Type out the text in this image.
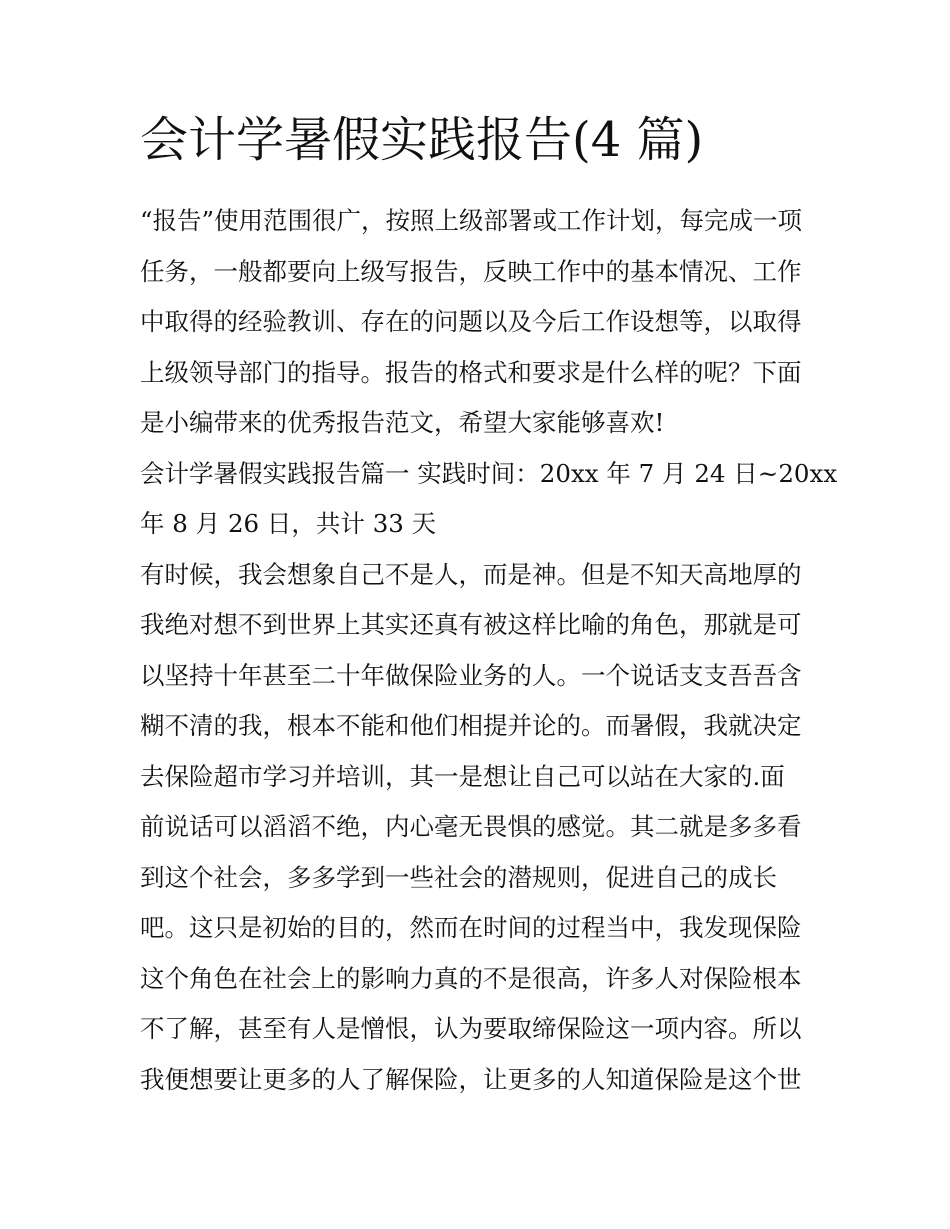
会计学暑假实践报告(4 篇)

“报告”使用范围很广，按照上级部署或工作计划，每完成一项

任务，一般都要向上级写报告，反映工作中的基本情况、工作

中取得的经验教训、存在的问题以及今后工作设想等，以取得

上级领导部门的指导。报告的格式和要求是什么样的呢？下面

是小编带来的优秀报告范文，希望大家能够喜欢!

会计学暑假实践报告篇一 实践时间：20xx 年 7 月 24 日~20xx

年 8 月 26 日，共计 33 天

有时候，我会想象自己不是人，而是神。但是不知天高地厚的

我绝对想不到世界上其实还真有被这样比喻的角色，那就是可

以坚持十年甚至二十年做保险业务的人。一个说话支支吾吾含

糊不清的我，根本不能和他们相提并论的。而暑假，我就决定

去保险超市学习并培训，其一是想让自己可以站在大家的.面

前说话可以滔滔不绝，内心毫无畏惧的感觉。其二就是多多看

到这个社会，多多学到一些社会的潜规则，促进自己的成长

吧。这只是初始的目的，然而在时间的过程当中，我发现保险

这个角色在社会上的影响力真的不是很高，许多人对保险根本

不了解，甚至有人是憎恨，认为要取缔保险这一项内容。所以

我便想要让更多的人了解保险，让更多的人知道保险是这个世
